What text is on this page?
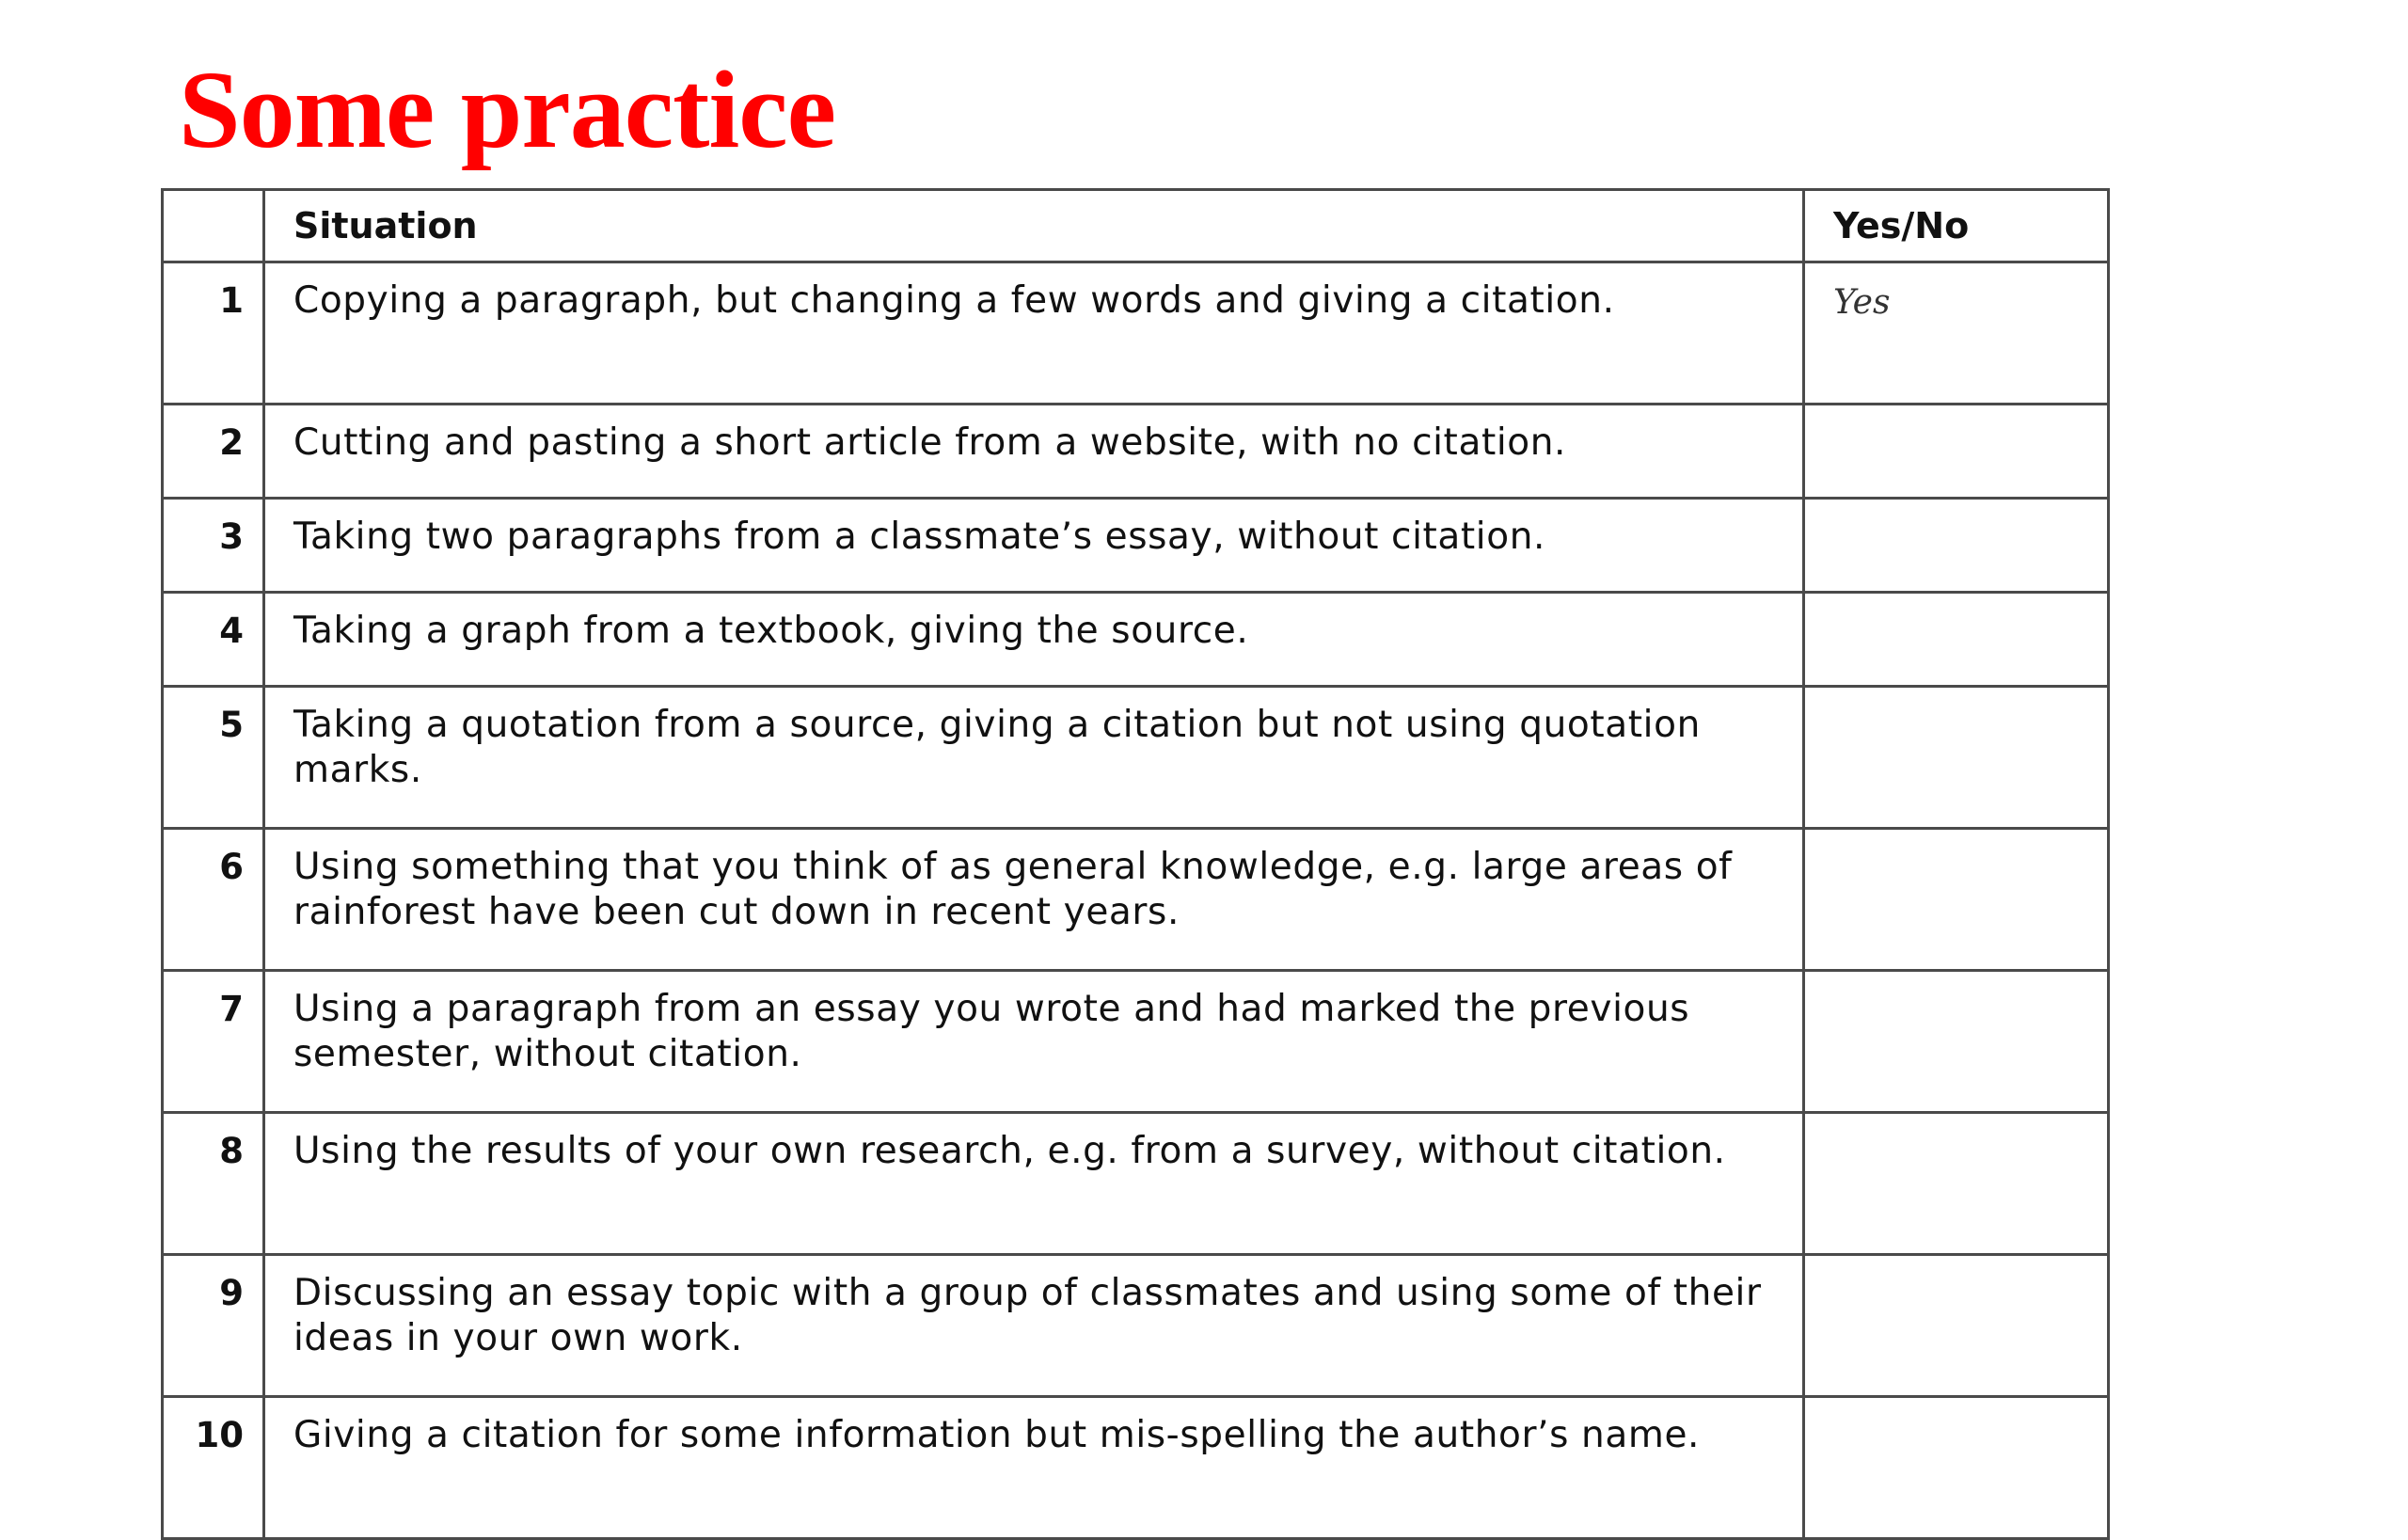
Some practice
	Situation	Yes/No
1	Copying a paragraph, but changing a few words and giving a citation.	Yes
2	Cutting and pasting a short article from a website, with no citation.	
3	Taking two paragraphs from a classmate’s essay, without citation.	
4	Taking a graph from a textbook, giving the source.	
5	Taking a quotation from a source, giving a citation but not using quotation marks.	
6	Using something that you think of as general knowledge, e.g. large areas of rainforest have been cut down in recent years.	
7	Using a paragraph from an essay you wrote and had marked the previous semester, without citation.	
8	Using the results of your own research, e.g. from a survey, without citation.	
9	Discussing an essay topic with a group of classmates and using some of their ideas in your own work.	
10	Giving a citation for some information but mis-spelling the author’s name.	
